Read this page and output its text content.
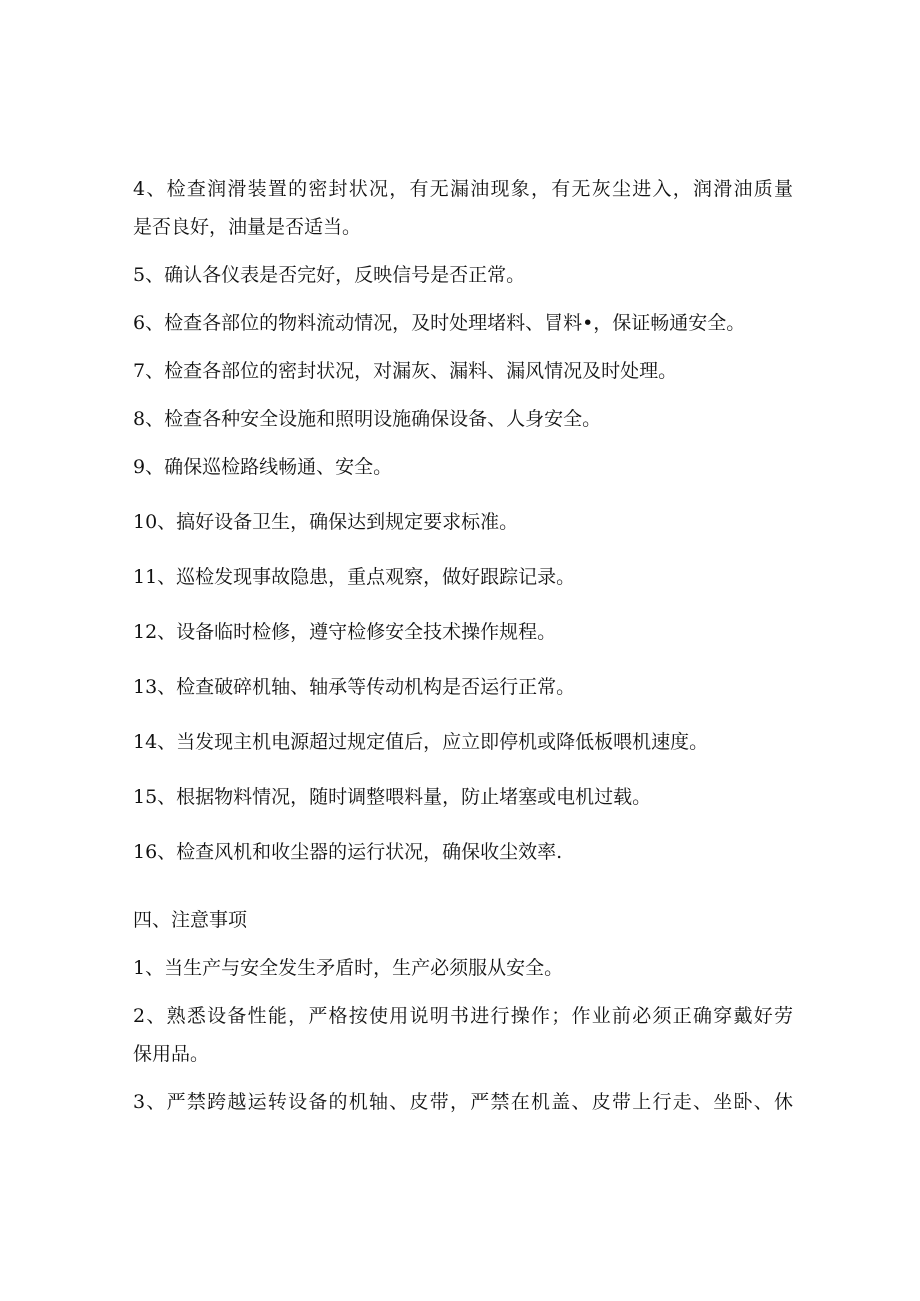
4、检查润滑装置的密封状况，有无漏油现象，有无灰尘进入，润滑油质量
是否良好，油量是否适当。
5、确认各仪表是否完好，反映信号是否正常。
6、检查各部位的物料流动情况，及时处理堵料、冒料•，保证畅通安全。
7、检查各部位的密封状况，对漏灰、漏料、漏风情况及时处理。
8、检查各种安全设施和照明设施确保设备、人身安全。
9、确保巡检路线畅通、安全。
10、搞好设备卫生，确保达到规定要求标准。
11、巡检发现事故隐患，重点观察，做好跟踪记录。
12、设备临时检修，遵守检修安全技术操作规程。
13、检查破碎机轴、轴承等传动机构是否运行正常。
14、当发现主机电源超过规定值后，应立即停机或降低板喂机速度。
15、根据物料情况，随时调整喂料量，防止堵塞或电机过载。
16、检查风机和收尘器的运行状况，确保收尘效率.
四、注意事项
1、当生产与安全发生矛盾时，生产必须服从安全。
2、熟悉设备性能，严格按使用说明书进行操作；作业前必须正确穿戴好劳
保用品。
3、严禁跨越运转设备的机轴、皮带，严禁在机盖、皮带上行走、坐卧、休
